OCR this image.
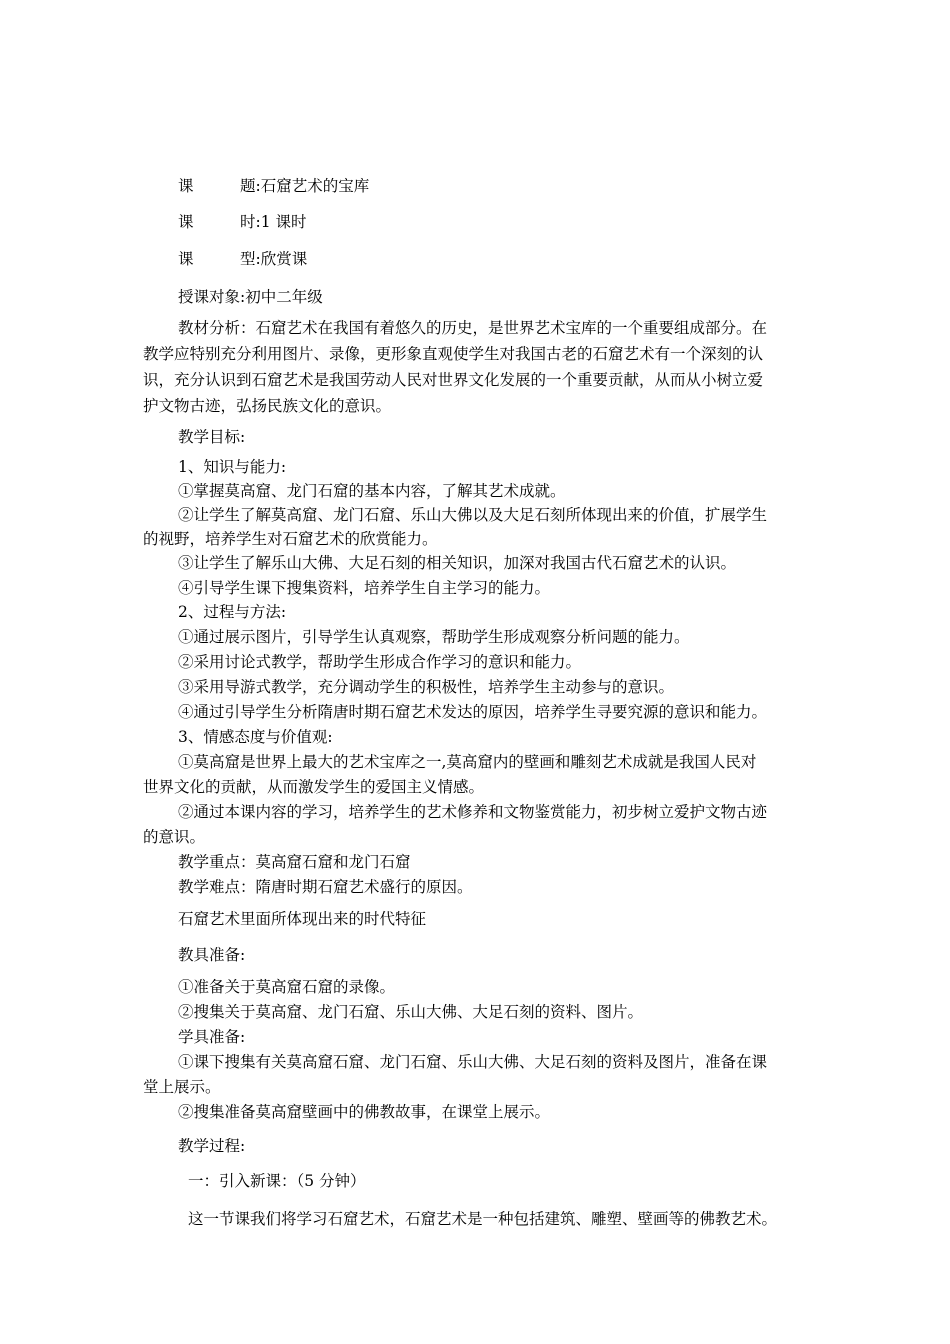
课	题:石窟艺术的宝库
课	时:1 课时
课	型:欣赏课
授课对象:初中二年级
教材分析：石窟艺术在我国有着悠久的历史，是世界艺术宝库的一个重要组成部分。在
教学应特别充分利用图片、录像，更形象直观使学生对我国古老的石窟艺术有一个深刻的认
识，充分认识到石窟艺术是我国劳动人民对世界文化发展的一个重要贡献，从而从小树立爱
护文物古迹，弘扬民族文化的意识。
教学目标:
1、知识与能力:
①掌握莫高窟、龙门石窟的基本内容，了解其艺术成就。
②让学生了解莫高窟、龙门石窟、乐山大佛以及大足石刻所体现出来的价值，扩展学生
的视野，培养学生对石窟艺术的欣赏能力。
③让学生了解乐山大佛、大足石刻的相关知识，加深对我国古代石窟艺术的认识。
④引导学生课下搜集资料，培养学生自主学习的能力。
2、过程与方法:
①通过展示图片，引导学生认真观察，帮助学生形成观察分析问题的能力。
②采用讨论式教学，帮助学生形成合作学习的意识和能力。
③采用导游式教学，充分调动学生的积极性，培养学生主动参与的意识。
④通过引导学生分析隋唐时期石窟艺术发达的原因，培养学生寻要究源的意识和能力。
3、情感态度与价值观:
①莫高窟是世界上最大的艺术宝库之一,莫高窟内的壁画和雕刻艺术成就是我国人民对
世界文化的贡献，从而激发学生的爱国主义情感。
②通过本课内容的学习，培养学生的艺术修养和文物鉴赏能力，初步树立爱护文物古迹
的意识。
教学重点：莫高窟石窟和龙门石窟
教学难点：隋唐时期石窟艺术盛行的原因。
石窟艺术里面所体现出来的时代特征
教具准备:
①准备关于莫高窟石窟的录像。
②搜集关于莫高窟、龙门石窟、乐山大佛、大足石刻的资料、图片。
学具准备:
①课下搜集有关莫高窟石窟、龙门石窟、乐山大佛、大足石刻的资料及图片，准备在课
堂上展示。
②搜集准备莫高窟壁画中的佛教故事，在课堂上展示。
教学过程:
一：引入新课：（5 分钟）
这一节课我们将学习石窟艺术，石窟艺术是一种包括建筑、雕塑、壁画等的佛教艺术。
